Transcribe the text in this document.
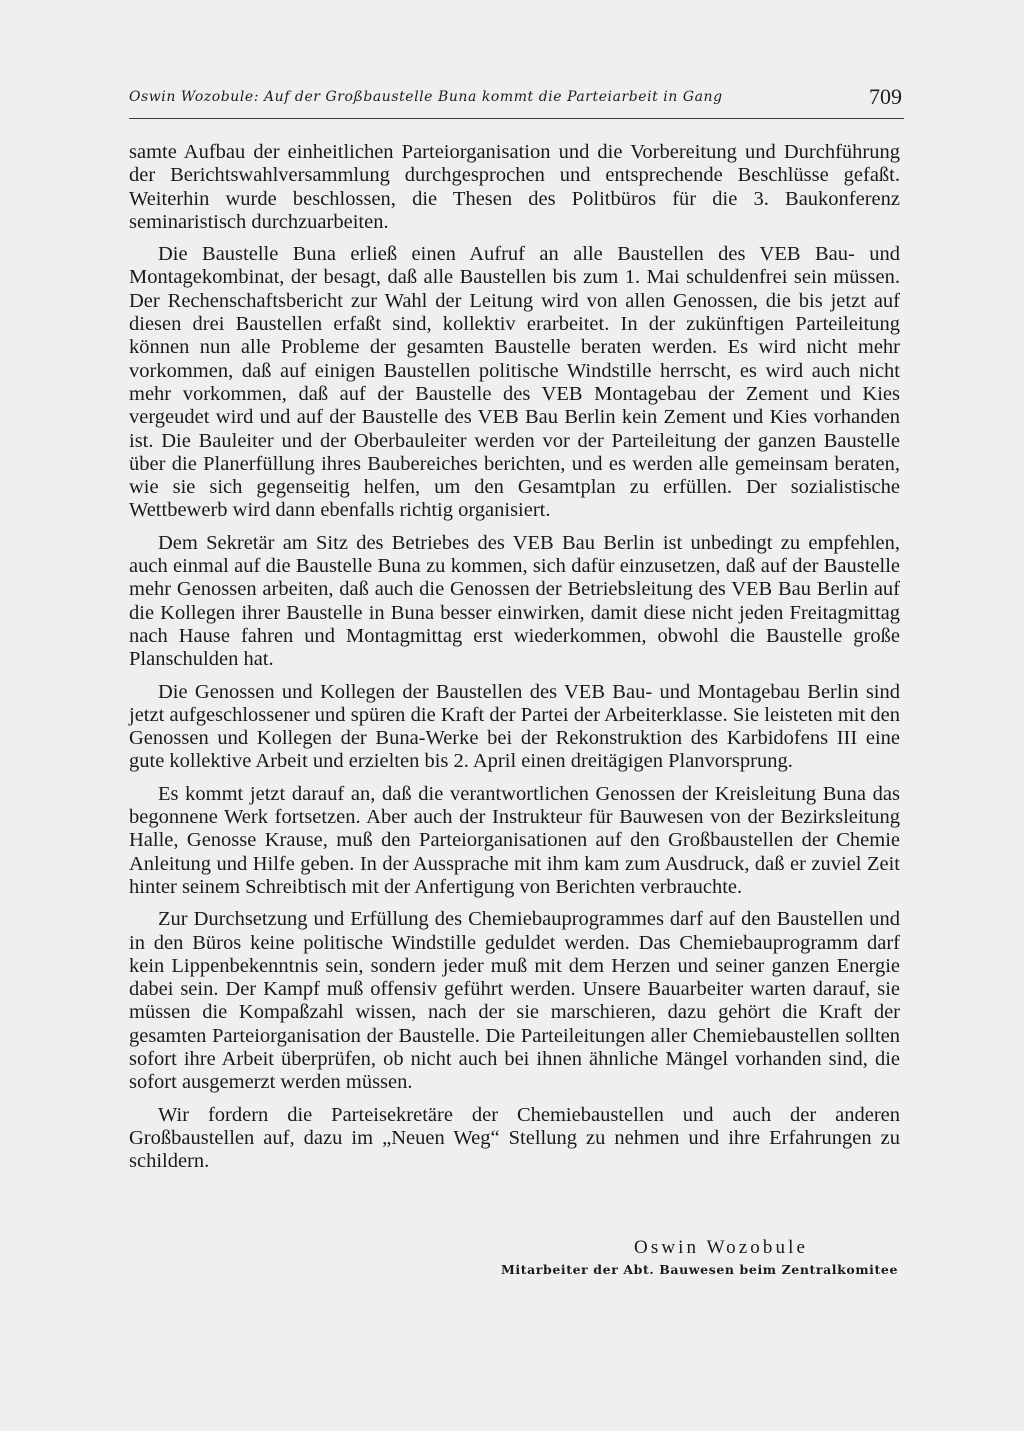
Oswin Wozobule: Auf der Großbaustelle Buna kommt die Parteiarbeit in Gang	709

samte Aufbau der einheitlichen Parteiorganisation und die Vorbereitung und Durchführung der Berichtswahlversammlung durchgesprochen und entsprechende Beschlüsse gefaßt. Weiterhin wurde beschlossen, die Thesen des Politbüros für die 3. Baukonferenz seminaristisch durchzuarbeiten.

Die Baustelle Buna erließ einen Aufruf an alle Baustellen des VEB Bau- und Montagekombinat, der besagt, daß alle Baustellen bis zum 1. Mai schuldenfrei sein müssen. Der Rechenschaftsbericht zur Wahl der Leitung wird von allen Genossen, die bis jetzt auf diesen drei Baustellen erfaßt sind, kollektiv erarbeitet. In der zukünftigen Parteileitung können nun alle Probleme der gesamten Baustelle beraten werden. Es wird nicht mehr vorkommen, daß auf einigen Baustellen politische Windstille herrscht, es wird auch nicht mehr vorkommen, daß auf der Baustelle des VEB Montagebau der Zement und Kies vergeudet wird und auf der Baustelle des VEB Bau Berlin kein Zement und Kies vorhanden ist. Die Bauleiter und der Oberbauleiter werden vor der Parteileitung der ganzen Baustelle über die Planerfüllung ihres Baubereiches berichten, und es werden alle gemeinsam beraten, wie sie sich gegenseitig helfen, um den Gesamtplan zu erfüllen. Der sozialistische Wettbewerb wird dann ebenfalls richtig organisiert.

Dem Sekretär am Sitz des Betriebes des VEB Bau Berlin ist unbedingt zu empfehlen, auch einmal auf die Baustelle Buna zu kommen, sich dafür einzusetzen, daß auf der Baustelle mehr Genossen arbeiten, daß auch die Genossen der Betriebsleitung des VEB Bau Berlin auf die Kollegen ihrer Baustelle in Buna besser einwirken, damit diese nicht jeden Freitagmittag nach Hause fahren und Montagmittag erst wiederkommen, obwohl die Baustelle große Planschulden hat.

Die Genossen und Kollegen der Baustellen des VEB Bau- und Montagebau Berlin sind jetzt aufgeschlossener und spüren die Kraft der Partei der Arbeiterklasse. Sie leisteten mit den Genossen und Kollegen der Buna-Werke bei der Rekonstruktion des Karbidofens III eine gute kollektive Arbeit und erzielten bis 2. April einen dreitägigen Planvorsprung.

Es kommt jetzt darauf an, daß die verantwortlichen Genossen der Kreisleitung Buna das begonnene Werk fortsetzen. Aber auch der Instrukteur für Bauwesen von der Bezirksleitung Halle, Genosse Krause, muß den Parteiorganisationen auf den Großbaustellen der Chemie Anleitung und Hilfe geben. In der Aussprache mit ihm kam zum Ausdruck, daß er zuviel Zeit hinter seinem Schreibtisch mit der Anfertigung von Berichten verbrauchte.

Zur Durchsetzung und Erfüllung des Chemiebauprogrammes darf auf den Baustellen und in den Büros keine politische Windstille geduldet werden. Das Chemiebauprogramm darf kein Lippenbekenntnis sein, sondern jeder muß mit dem Herzen und seiner ganzen Energie dabei sein. Der Kampf muß offensiv geführt werden. Unsere Bauarbeiter warten darauf, sie müssen die Kompaßzahl wissen, nach der sie marschieren, dazu gehört die Kraft der gesamten Parteiorganisation der Baustelle. Die Parteileitungen aller Chemiebaustellen sollten sofort ihre Arbeit überprüfen, ob nicht auch bei ihnen ähnliche Mängel vorhanden sind, die sofort ausgemerzt werden müssen.

Wir fordern die Parteisekretäre der Chemiebaustellen und auch der anderen Großbaustellen auf, dazu im „Neuen Weg“ Stellung zu nehmen und ihre Erfahrungen zu schildern.

Oswin Wozobule
Mitarbeiter der Abt. Bauwesen beim Zentralkomitee
